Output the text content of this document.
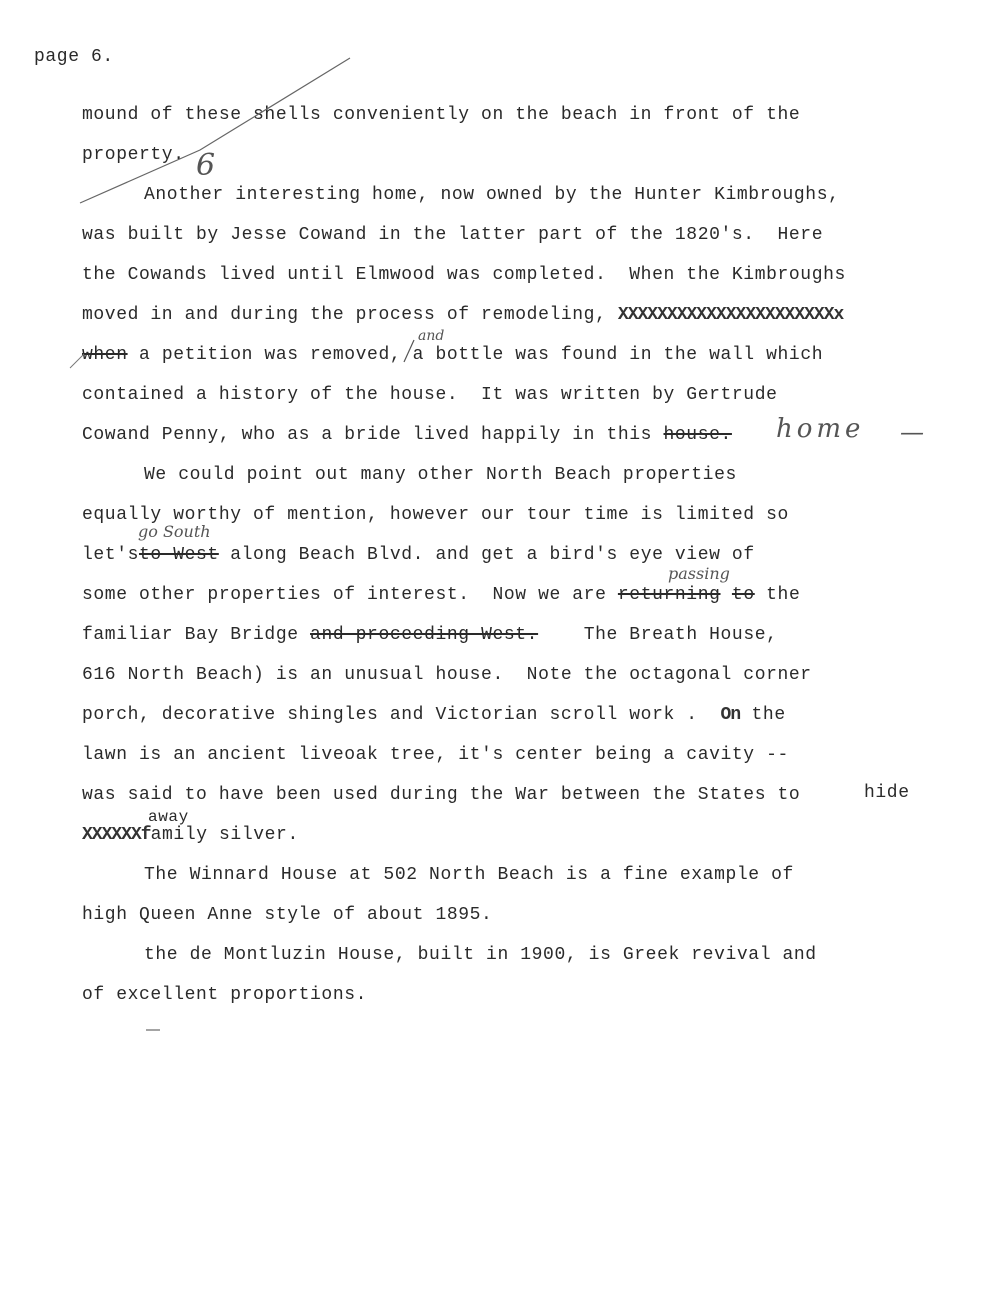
page 6.
mound of these shells conveniently on the beach in front of the
property.
Another interesting home, now owned by the Hunter Kimbroughs,
was built by Jesse Cowand in the latter part of the 1820's.  Here
the Cowands lived until Elmwood was completed.  When the Kimbroughs
moved in and during the process of remodeling, XXXXXXXXXXXXXXXXXXXXXXx
when a petition was removed, a bottle was found in the wall which
contained a history of the house.  It was written by Gertrude
Cowand Penny, who as a bride lived happily in this house.
We could point out many other North Beach properties
equally worthy of mention, however our tour time is limited so
let'sto West along Beach Blvd. and get a bird's eye view of
some other properties of interest.  Now we are returning to the
familiar Bay Bridge and proceeding West.	The Breath House,
616 North Beach) is an unusual house.  Note the octagonal corner
porch, decorative shingles and Victorian scroll work . On the
lawn is an ancient liveoak tree, it's center being a cavity --
was said to have been used during the War between the States to	hide
away
XXXXXXfamily silver.
The Winnard House at 502 North Beach is a fine example of
high Queen Anne style of about 1895.
the de Montluzin House, built in 1900, is Greek revival and
of excellent proportions.
6
and
home —
go South
passing
